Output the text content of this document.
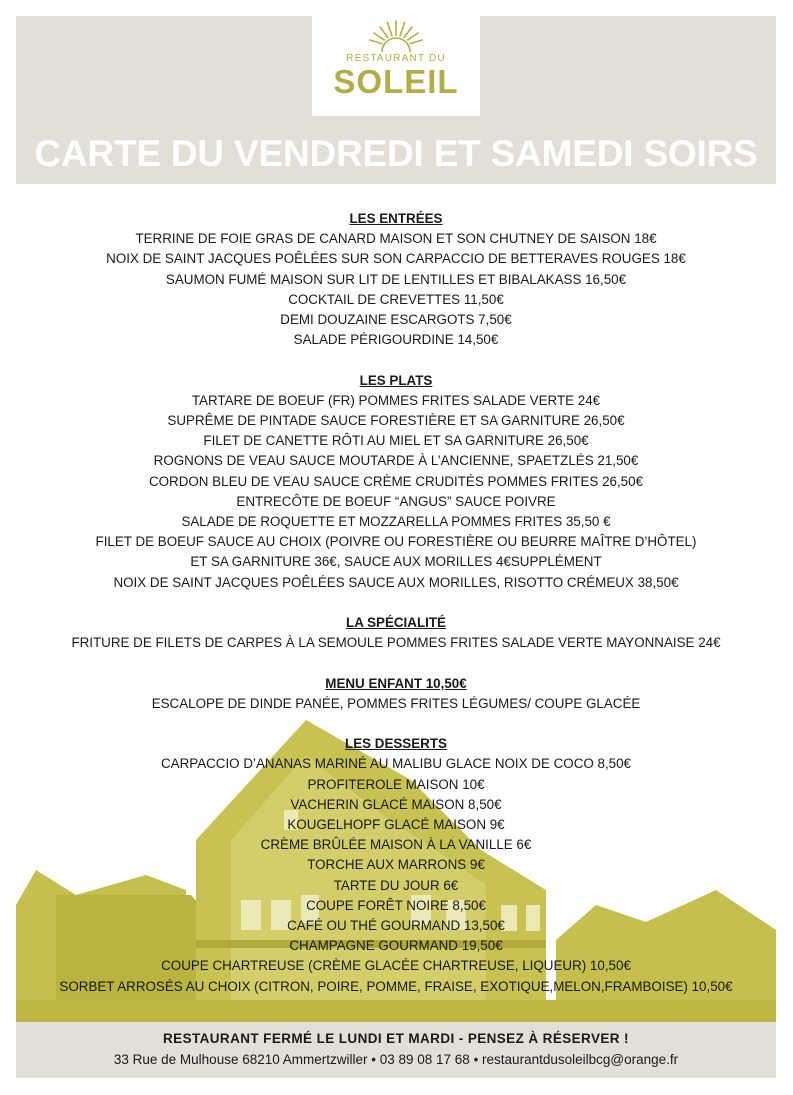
RESTAURANT DU
SOLEIL
CARTE DU VENDREDI ET SAMEDI SOIRS
LES ENTRÉES
TERRINE DE FOIE GRAS DE CANARD MAISON ET SON CHUTNEY DE SAISON 18€
NOIX DE SAINT JACQUES POÊLÉES SUR SON CARPACCIO DE BETTERAVES ROUGES 18€
SAUMON FUMÉ MAISON SUR LIT DE LENTILLES ET BIBALAKASS 16,50€
COCKTAIL DE CREVETTES 11,50€
DEMI DOUZAINE ESCARGOTS 7,50€
SALADE PÉRIGOURDINE 14,50€
LES PLATS
TARTARE DE BOEUF (FR) POMMES FRITES SALADE VERTE 24€
SUPRÊME DE PINTADE SAUCE FORESTIÈRE ET SA GARNITURE 26,50€
FILET DE CANETTE RÔTI AU MIEL ET SA GARNITURE 26,50€
ROGNONS DE VEAU SAUCE MOUTARDE À L’ANCIENNE, SPAETZLÉS 21,50€
CORDON BLEU DE VEAU SAUCE CRÈME CRUDITÉS POMMES FRITES 26,50€
ENTRECÔTE DE BOEUF “ANGUS” SAUCE POIVRE
SALADE DE ROQUETTE ET MOZZARELLA POMMES FRITES 35,50 €
FILET DE BOEUF SAUCE AU CHOIX (POIVRE OU FORESTIÈRE OU BEURRE MAÎTRE D’HÔTEL)
ET SA GARNITURE 36€, SAUCE AUX MORILLES 4€SUPPLÉMENT
NOIX DE SAINT JACQUES POÊLÉES SAUCE AUX MORILLES, RISOTTO CRÉMEUX 38,50€
LA SPÉCIALITÉ
FRITURE DE FILETS DE CARPES À LA SEMOULE POMMES FRITES SALADE VERTE MAYONNAISE 24€
MENU ENFANT 10,50€
ESCALOPE DE DINDE PANÉE, POMMES FRITES LÉGUMES/ COUPE GLACÉE
LES DESSERTS
CARPACCIO D’ANANAS MARINÉ AU MALIBU GLACE NOIX DE COCO 8,50€
PROFITEROLE MAISON 10€
VACHERIN GLACÉ MAISON 8,50€
KOUGELHOPF GLACÉ MAISON 9€
CRÈME BRÛLÉE MAISON À LA VANILLE 6€
TORCHE AUX MARRONS 9€
TARTE DU JOUR 6€
COUPE FORÊT NOIRE 8,50€
CAFÉ OU THÉ GOURMAND 13,50€
CHAMPAGNE GOURMAND 19,50€
COUPE CHARTREUSE (CRÈME GLACÉE CHARTREUSE, LIQUEUR) 10,50€
SORBET ARROSÉS AU CHOIX (CITRON, POIRE, POMME, FRAISE, EXOTIQUE,MELON,FRAMBOISE) 10,50€
RESTAURANT FERMÉ LE LUNDI ET MARDI - PENSEZ À RÉSERVER !
33 Rue de Mulhouse 68210 Ammertzwiller • 03 89 08 17 68 • restaurantdusoleilbcg@orange.fr
